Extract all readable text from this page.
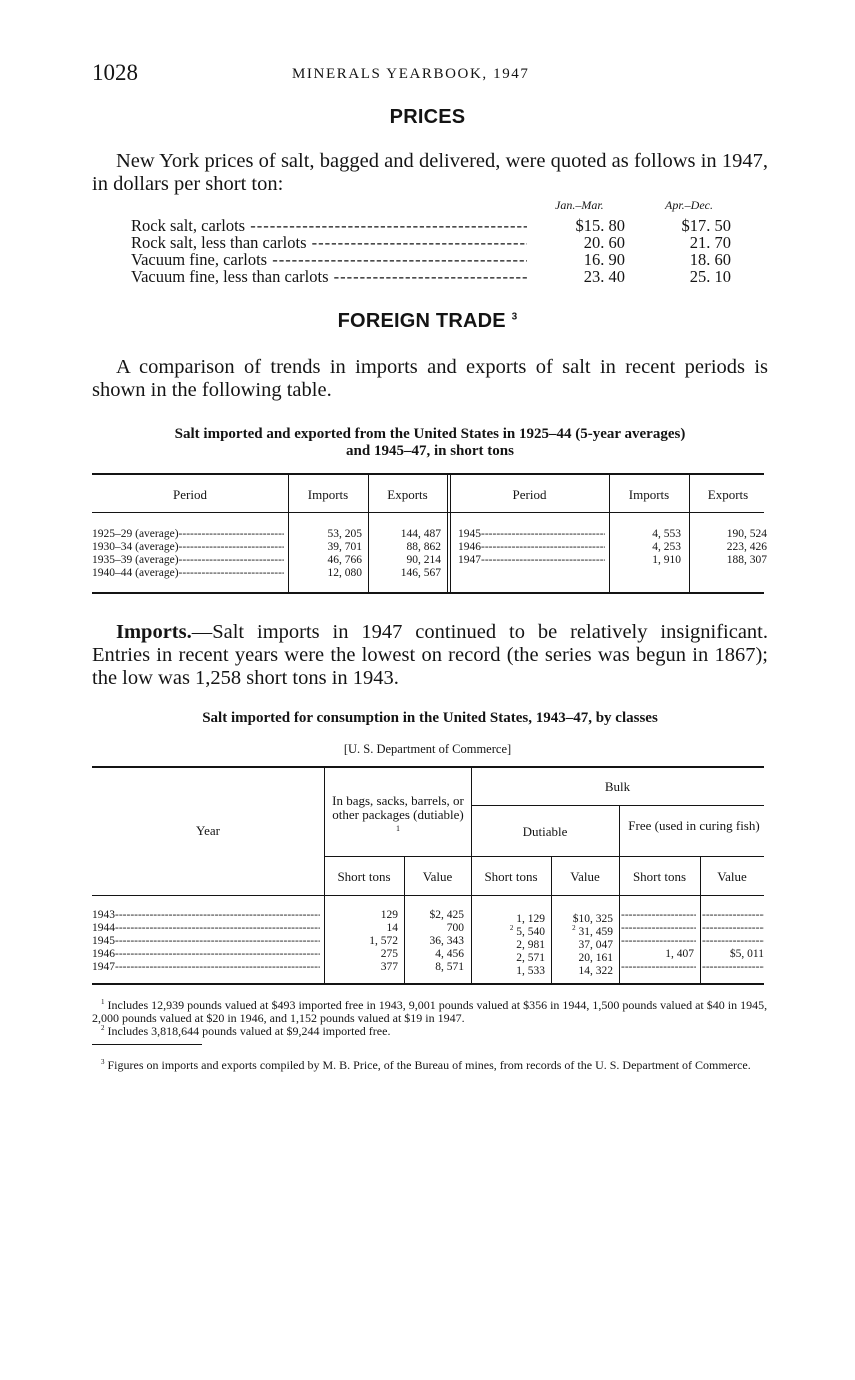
1028	MINERALS YEARBOOK, 1947
PRICES
New York prices of salt, bagged and delivered, were quoted as follows in 1947, in dollars per short ton:
Jan.–Mar.	Apr.–Dec.
Rock salt, carlots -----	$15. 80	$17. 50
Rock salt, less than carlots -----	20. 60	21. 70
Vacuum fine, carlots -----	16. 90	18. 60
Vacuum fine, less than carlots -----	23. 40	25. 10
FOREIGN TRADE $^3$
A comparison of trends in imports and exports of salt in recent periods is shown in the following table.
Salt imported and exported from the United States in 1925–44 (5-year averages)
and 1945–47, in short tons
Period	Imports	Exports	Period	Imports	Exports
1925–29 (average) -----	53, 205	144, 487
1930–34 (average) -----	39, 701	88, 862
1935–39 (average) -----	46, 766	90, 214
1940–44 (average) -----	12, 080	146, 567
1945 -----	4, 553	190, 524
1946 -----	4, 253	223, 426
1947 -----	1, 910	188, 307
Imports.—Salt imports in 1947 continued to be relatively insignificant. Entries in recent years were the lowest on record (the series was begun in 1867); the low was 1,258 short tons in 1943.
Salt imported for consumption in the United States, 1943–47, by classes
[U. S. Department of Commerce]
Year
In bags, sacks, barrels, or other packages (dutiable) $^1$
Bulk
Dutiable	Free (used in curing fish)
Short tons	Value	Short tons	Value	Short tons	Value
1943 -----	129	$2, 425	1, 129	$10, 325
-----
-----
1944 -----	14	700	$^2$ 5, 540	$^2$ 31, 459
-----
-----
1945 -----	1, 572	36, 343	2, 981	37, 047
-----
-----
1946 -----	275	4, 456	2, 571	20, 161	1, 407	$5, 011
1947 -----	377	8, 571	1, 533	14, 322
-----
-----
$^1$ Includes 12,939 pounds valued at $493 imported free in 1943, 9,001 pounds valued at $356 in 1944, 1,500 pounds valued at $40 in 1945, 2,000 pounds valued at $20 in 1946, and 1,152 pounds valued at $19 in 1947.
$^2$ Includes 3,818,644 pounds valued at $9,244 imported free.
$^3$ Figures on imports and exports compiled by M. B. Price, of the Bureau of mines, from records of the U. S. Department of Commerce.
